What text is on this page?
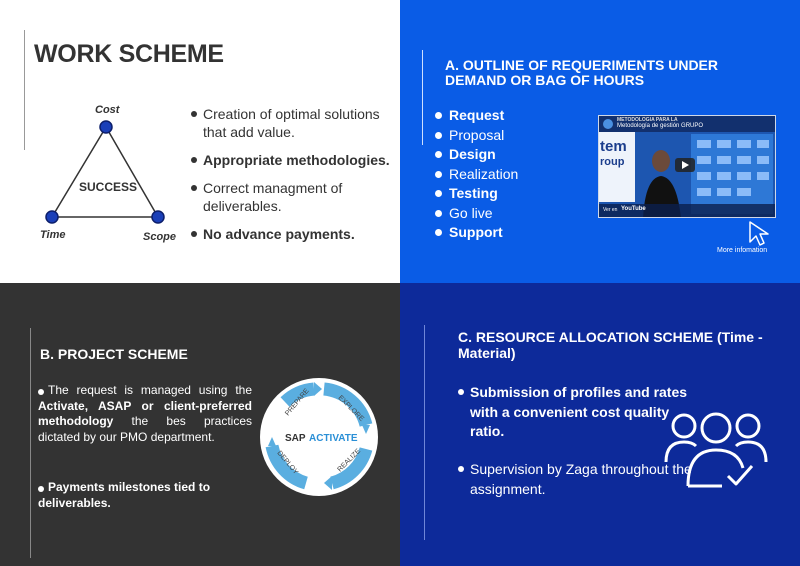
WORK SCHEME
Cost
Time	Scope
SUCCESS
Creation of optimal solutions that add value.
Appropriate methodologies.
Correct managment of deliverables.
No advance payments.
A. OUTLINE OF REQUERIMENTS UNDER DEMAND OR BAG OF HOURS
Request
Proposal
Design
Realization
Testing
Go live
Support
METODOLOGIA PARA LA
Metodología de gestión GRUPO
tem
roup
Ver en YouTube
More infomation
B. PROJECT SCHEME
The request is managed using the Activate, ASAP or client-preferred methodology the bes practices dictated by our PMO department.
Payments milestones tied to deliverables.
PREPARE	EXPLORE
REALIZE
DEPLOY
SAP ACTIVATE
C. RESOURCE ALLOCATION SCHEME (Time - Material)
Submission of profiles and rates with a convenient cost quality ratio.
Supervision by Zaga throughout the assignment.
